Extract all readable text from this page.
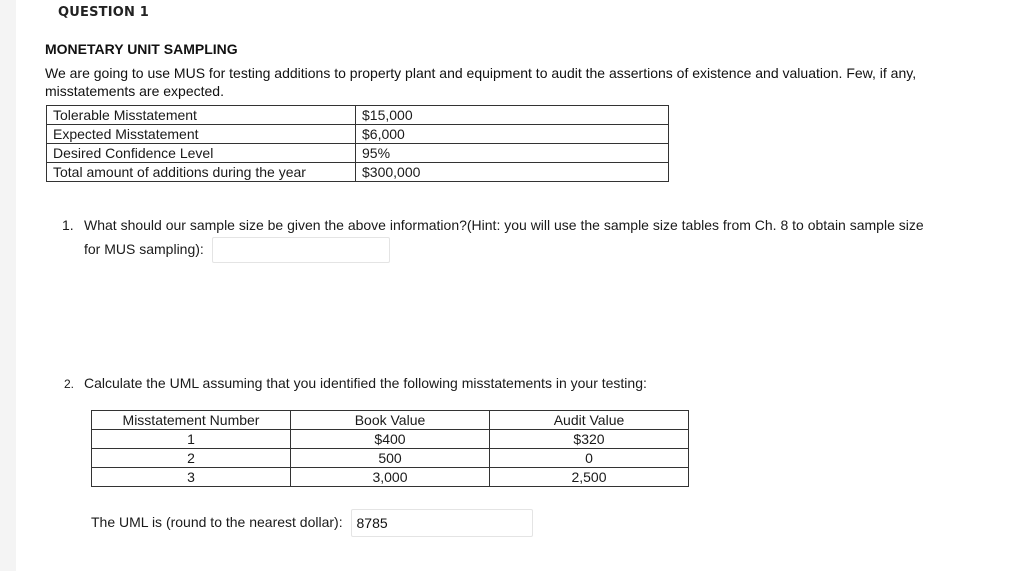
QUESTION 1
MONETARY UNIT SAMPLING
We are going to use MUS for testing additions to property plant and equipment to audit the assertions of existence and valuation. Few, if any, misstatements are expected.
Tolerable Misstatement	$15,000
Expected Misstatement	$6,000
Desired Confidence Level	95%
Total amount of additions during the year	$300,000
1. What should our sample size be given the above information?(Hint: you will use the sample size tables from Ch. 8 to obtain sample size
for MUS sampling):
2. Calculate the UML assuming that you identified the following misstatements in your testing:
Misstatement Number	Book Value	Audit Value
1	$400	$320
2	500	0
3	3,000	2,500
The UML is (round to the nearest dollar): 8785
